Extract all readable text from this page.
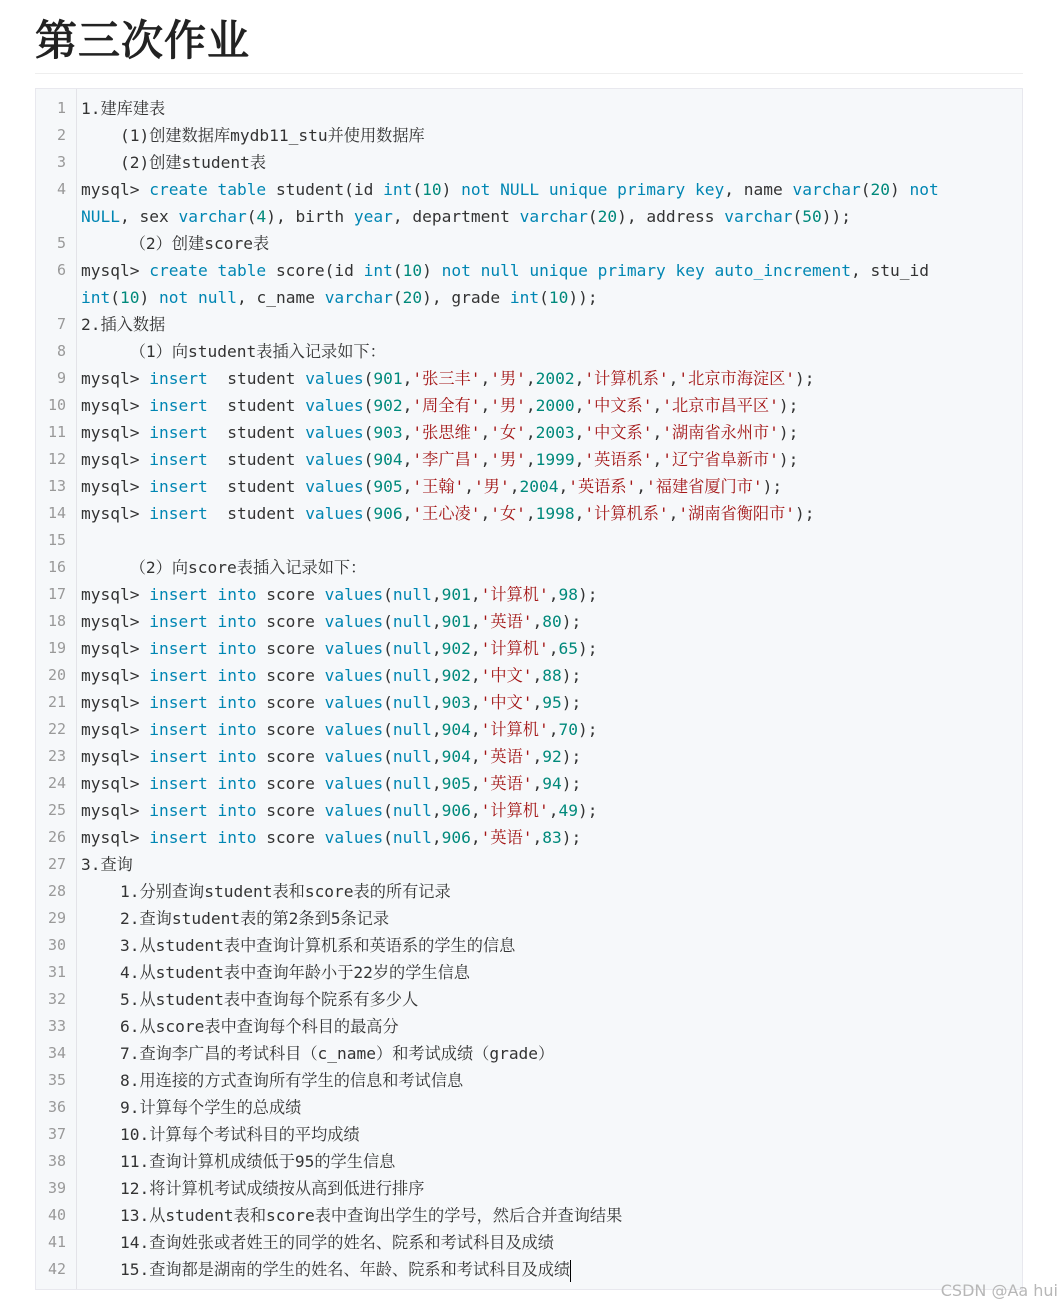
第三次作业
1 1.建库建表
2 (1)创建数据库mydb11_stu并使用数据库
3 (2)创建student表
4 mysql> create table student(id int(10) not NULL unique primary key, name varchar(20) not
NULL, sex varchar(4), birth year, department varchar(20), address varchar(50));
5 （2）创建score表
6 mysql> create table score(id int(10) not null unique primary key auto_increment, stu_id
int(10) not null, c_name varchar(20), grade int(10));
7 2.插入数据
8 （1）向student表插入记录如下：
9 mysql> insert  student values(901,'张三丰','男',2002,'计算机系','北京市海淀区');
10 mysql> insert  student values(902,'周全有','男',2000,'中文系','北京市昌平区');
11 mysql> insert  student values(903,'张思维','女',2003,'中文系','湖南省永州市');
12 mysql> insert  student values(904,'李广昌','男',1999,'英语系','辽宁省阜新市');
13 mysql> insert  student values(905,'王翰','男',2004,'英语系','福建省厦门市');
14 mysql> insert  student values(906,'王心凌','女',1998,'计算机系','湖南省衡阳市');
15
16 （2）向score表插入记录如下：
17 mysql> insert into score values(null,901,'计算机',98);
18 mysql> insert into score values(null,901,'英语',80);
19 mysql> insert into score values(null,902,'计算机',65);
20 mysql> insert into score values(null,902,'中文',88);
21 mysql> insert into score values(null,903,'中文',95);
22 mysql> insert into score values(null,904,'计算机',70);
23 mysql> insert into score values(null,904,'英语',92);
24 mysql> insert into score values(null,905,'英语',94);
25 mysql> insert into score values(null,906,'计算机',49);
26 mysql> insert into score values(null,906,'英语',83);
27 3.查询
28 1.分别查询student表和score表的所有记录
29 2.查询student表的第2条到5条记录
30 3.从student表中查询计算机系和英语系的学生的信息
31 4.从student表中查询年龄小于22岁的学生信息
32 5.从student表中查询每个院系有多少人
33 6.从score表中查询每个科目的最高分
34 7.查询李广昌的考试科目（c_name）和考试成绩（grade）
35 8.用连接的方式查询所有学生的信息和考试信息
36 9.计算每个学生的总成绩
37 10.计算每个考试科目的平均成绩
38 11.查询计算机成绩低于95的学生信息
39 12.将计算机考试成绩按从高到低进行排序
40 13.从student表和score表中查询出学生的学号，然后合并查询结果
41 14.查询姓张或者姓王的同学的姓名、院系和考试科目及成绩
42 15.查询都是湖南的学生的姓名、年龄、院系和考试科目及成绩
CSDN @Aa hui
